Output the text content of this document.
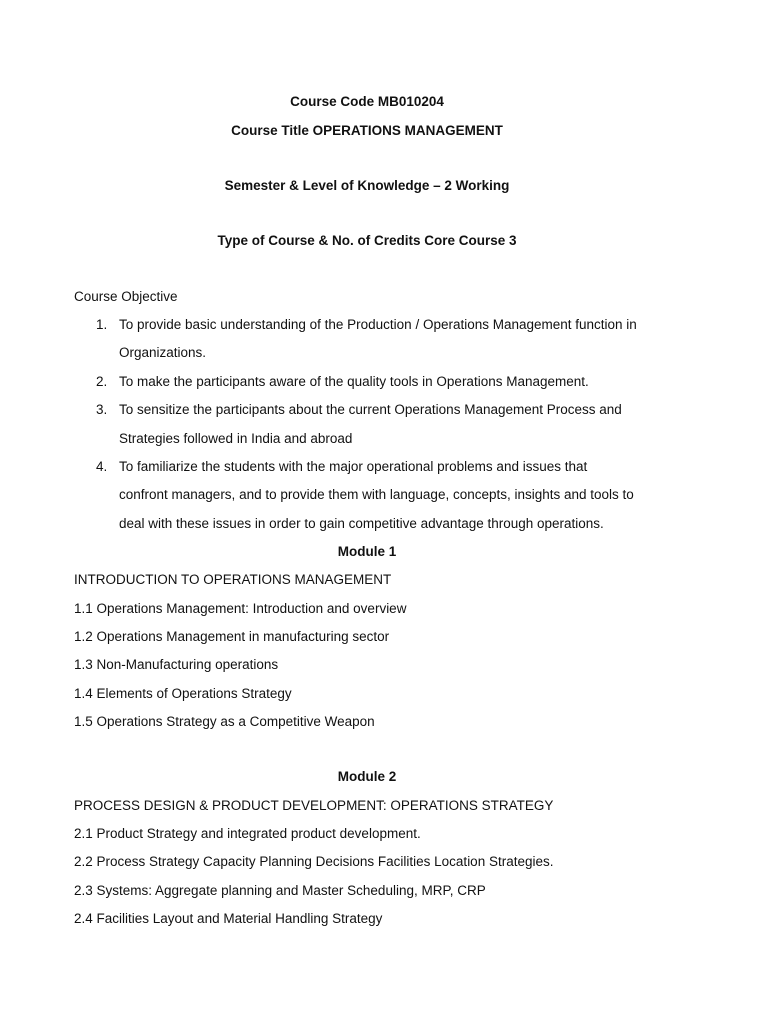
Course Code MB010204
Course Title OPERATIONS MANAGEMENT
Semester & Level of Knowledge – 2 Working
Type of Course & No. of Credits Core Course 3
Course Objective
1. To provide basic understanding of the Production / Operations Management function in
Organizations.
2. To make the participants aware of the quality tools in Operations Management.
3. To sensitize the participants about the current Operations Management Process and
Strategies followed in India and abroad
4. To familiarize the students with the major operational problems and issues that
confront managers, and to provide them with language, concepts, insights and tools to
deal with these issues in order to gain competitive advantage through operations.
Module 1
INTRODUCTION TO OPERATIONS MANAGEMENT
1.1 Operations Management: Introduction and overview
1.2 Operations Management in manufacturing sector
1.3 Non-Manufacturing operations
1.4 Elements of Operations Strategy
1.5 Operations Strategy as a Competitive Weapon
Module 2
PROCESS DESIGN & PRODUCT DEVELOPMENT: OPERATIONS STRATEGY
2.1 Product Strategy and integrated product development.
2.2 Process Strategy Capacity Planning Decisions Facilities Location Strategies.
2.3 Systems: Aggregate planning and Master Scheduling, MRP, CRP
2.4 Facilities Layout and Material Handling Strategy
